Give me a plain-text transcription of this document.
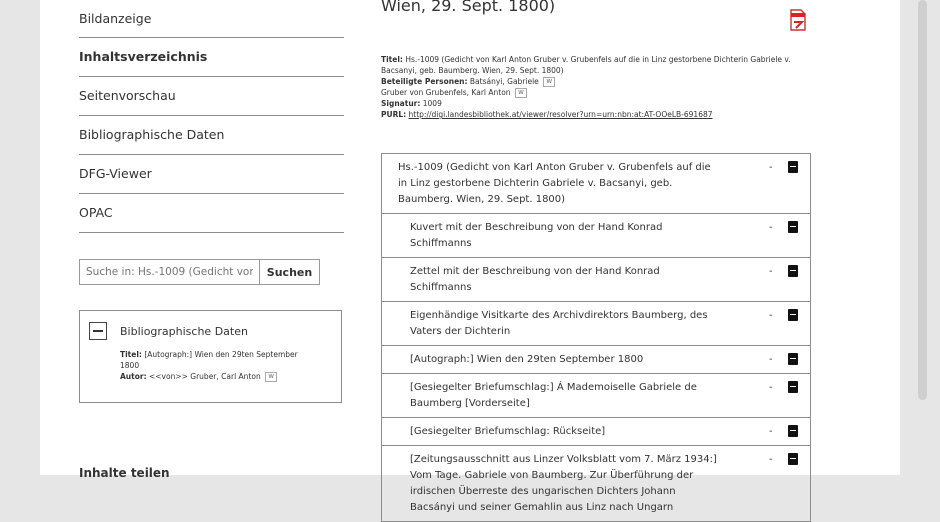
Bildanzeige
Inhaltsverzeichnis
Seitenvorschau
Bibliographische Daten
DFG-Viewer
OPAC
Suche in: Hs.-1009 (Gedicht von K
Suchen
Bibliographische Daten
Titel: [Autograph:] Wien den 29ten September 1800
Autor: <<von>> Gruber, Carl Anton W
Inhalte teilen
Wien, 29. Sept. 1800)
Titel: Hs.-1009 (Gedicht von Karl Anton Gruber v. Grubenfels auf die in Linz gestorbene Dichterin Gabriele v. Bacsanyi, geb. Baumberg. Wien, 29. Sept. 1800)
Beteiligte Personen: Batsányi, Gabriele W
Gruber von Grubenfels, Karl Anton W
Signatur: 1009
PURL: http://digi.landesbibliothek.at/viewer/resolver?urn=urn:nbn:at:AT-OOeLB-691687
Hs.-1009 (Gedicht von Karl Anton Gruber v. Grubenfels auf die in Linz gestorbene Dichterin Gabriele v. Bacsanyi, geb. Baumberg. Wien, 29. Sept. 1800)
-
Kuvert mit der Beschreibung von der Hand Konrad Schiffmanns
-
Zettel mit der Beschreibung von der Hand Konrad Schiffmanns
-
Eigenhändige Visitkarte des Archivdirektors Baumberg, des Vaters der Dichterin
-
[Autograph:] Wien den 29ten September 1800	-
[Gesiegelter Briefumschlag:] Á Mademoiselle Gabriele de Baumberg [Vorderseite]
-
[Gesiegelter Briefumschlag: Rückseite]	-
[Zeitungsausschnitt aus Linzer Volksblatt vom 7. März 1934:] Vom Tage. Gabriele von Baumberg. Zur Überführung der irdischen Überreste des ungarischen Dichters Johann Bacsányi und seiner Gemahlin aus Linz nach Ungarn
-
